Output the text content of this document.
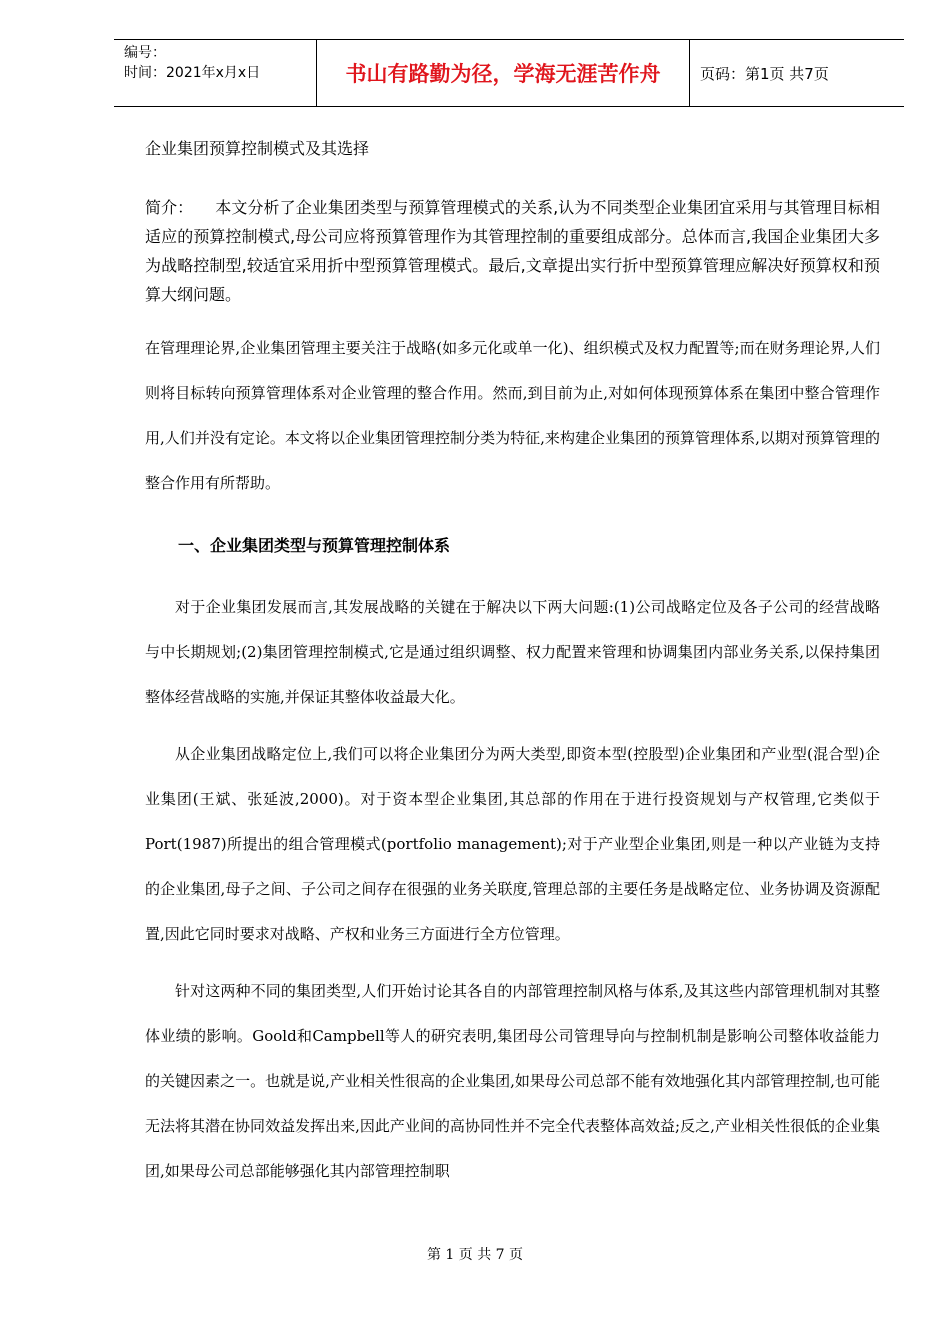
编号：
时间：2021年x月x日	书山有路勤为径，学海无涯苦作舟	页码：第1页 共7页
企业集团预算控制模式及其选择
简介： 本文分析了企业集团类型与预算管理模式的关系,认为不同类型企业集团宜采用与其管理目标相适应的预算控制模式,母公司应将预算管理作为其管理控制的重要组成部分。总体而言,我国企业集团大多为战略控制型,较适宜采用折中型预算管理模式。最后,文章提出实行折中型预算管理应解决好预算权和预算大纲问题。
在管理理论界,企业集团管理主要关注于战略(如多元化或单一化)、组织模式及权力配置等;而在财务理论界,人们则将目标转向预算管理体系对企业管理的整合作用。然而,到目前为止,对如何体现预算体系在集团中整合管理作用,人们并没有定论。本文将以企业集团管理控制分类为特征,来构建企业集团的预算管理体系,以期对预算管理的整合作用有所帮助。
一、企业集团类型与预算管理控制体系

对于企业集团发展而言,其发展战略的关键在于解决以下两大问题:(1)公司战略定位及各子公司的经营战略与中长期规划;(2)集团管理控制模式,它是通过组织调整、权力配置来管理和协调集团内部业务关系,以保持集团整体经营战略的实施,并保证其整体收益最大化。

从企业集团战略定位上,我们可以将企业集团分为两大类型,即资本型(控股型)企业集团和产业型(混合型)企业集团(王斌、张延波,2000)。对于资本型企业集团,其总部的作用在于进行投资规划与产权管理,它类似于Port(1987)所提出的组合管理模式(portfolio management);对于产业型企业集团,则是一种以产业链为支持的企业集团,母子之间、子公司之间存在很强的业务关联度,管理总部的主要任务是战略定位、业务协调及资源配置,因此它同时要求对战略、产权和业务三方面进行全方位管理。

针对这两种不同的集团类型,人们开始讨论其各自的内部管理控制风格与体系,及其这些内部管理机制对其整体业绩的影响。Goold和Campbell等人的研究表明,集团母公司管理导向与控制机制是影响公司整体收益能力的关键因素之一。也就是说,产业相关性很高的企业集团,如果母公司总部不能有效地强化其内部管理控制,也可能无法将其潜在协同效益发挥出来,因此产业间的高协同性并不完全代表整体高效益;反之,产业相关性很低的企业集团,如果母公司总部能够强化其内部管理控制职

第 1 页 共 7 页
